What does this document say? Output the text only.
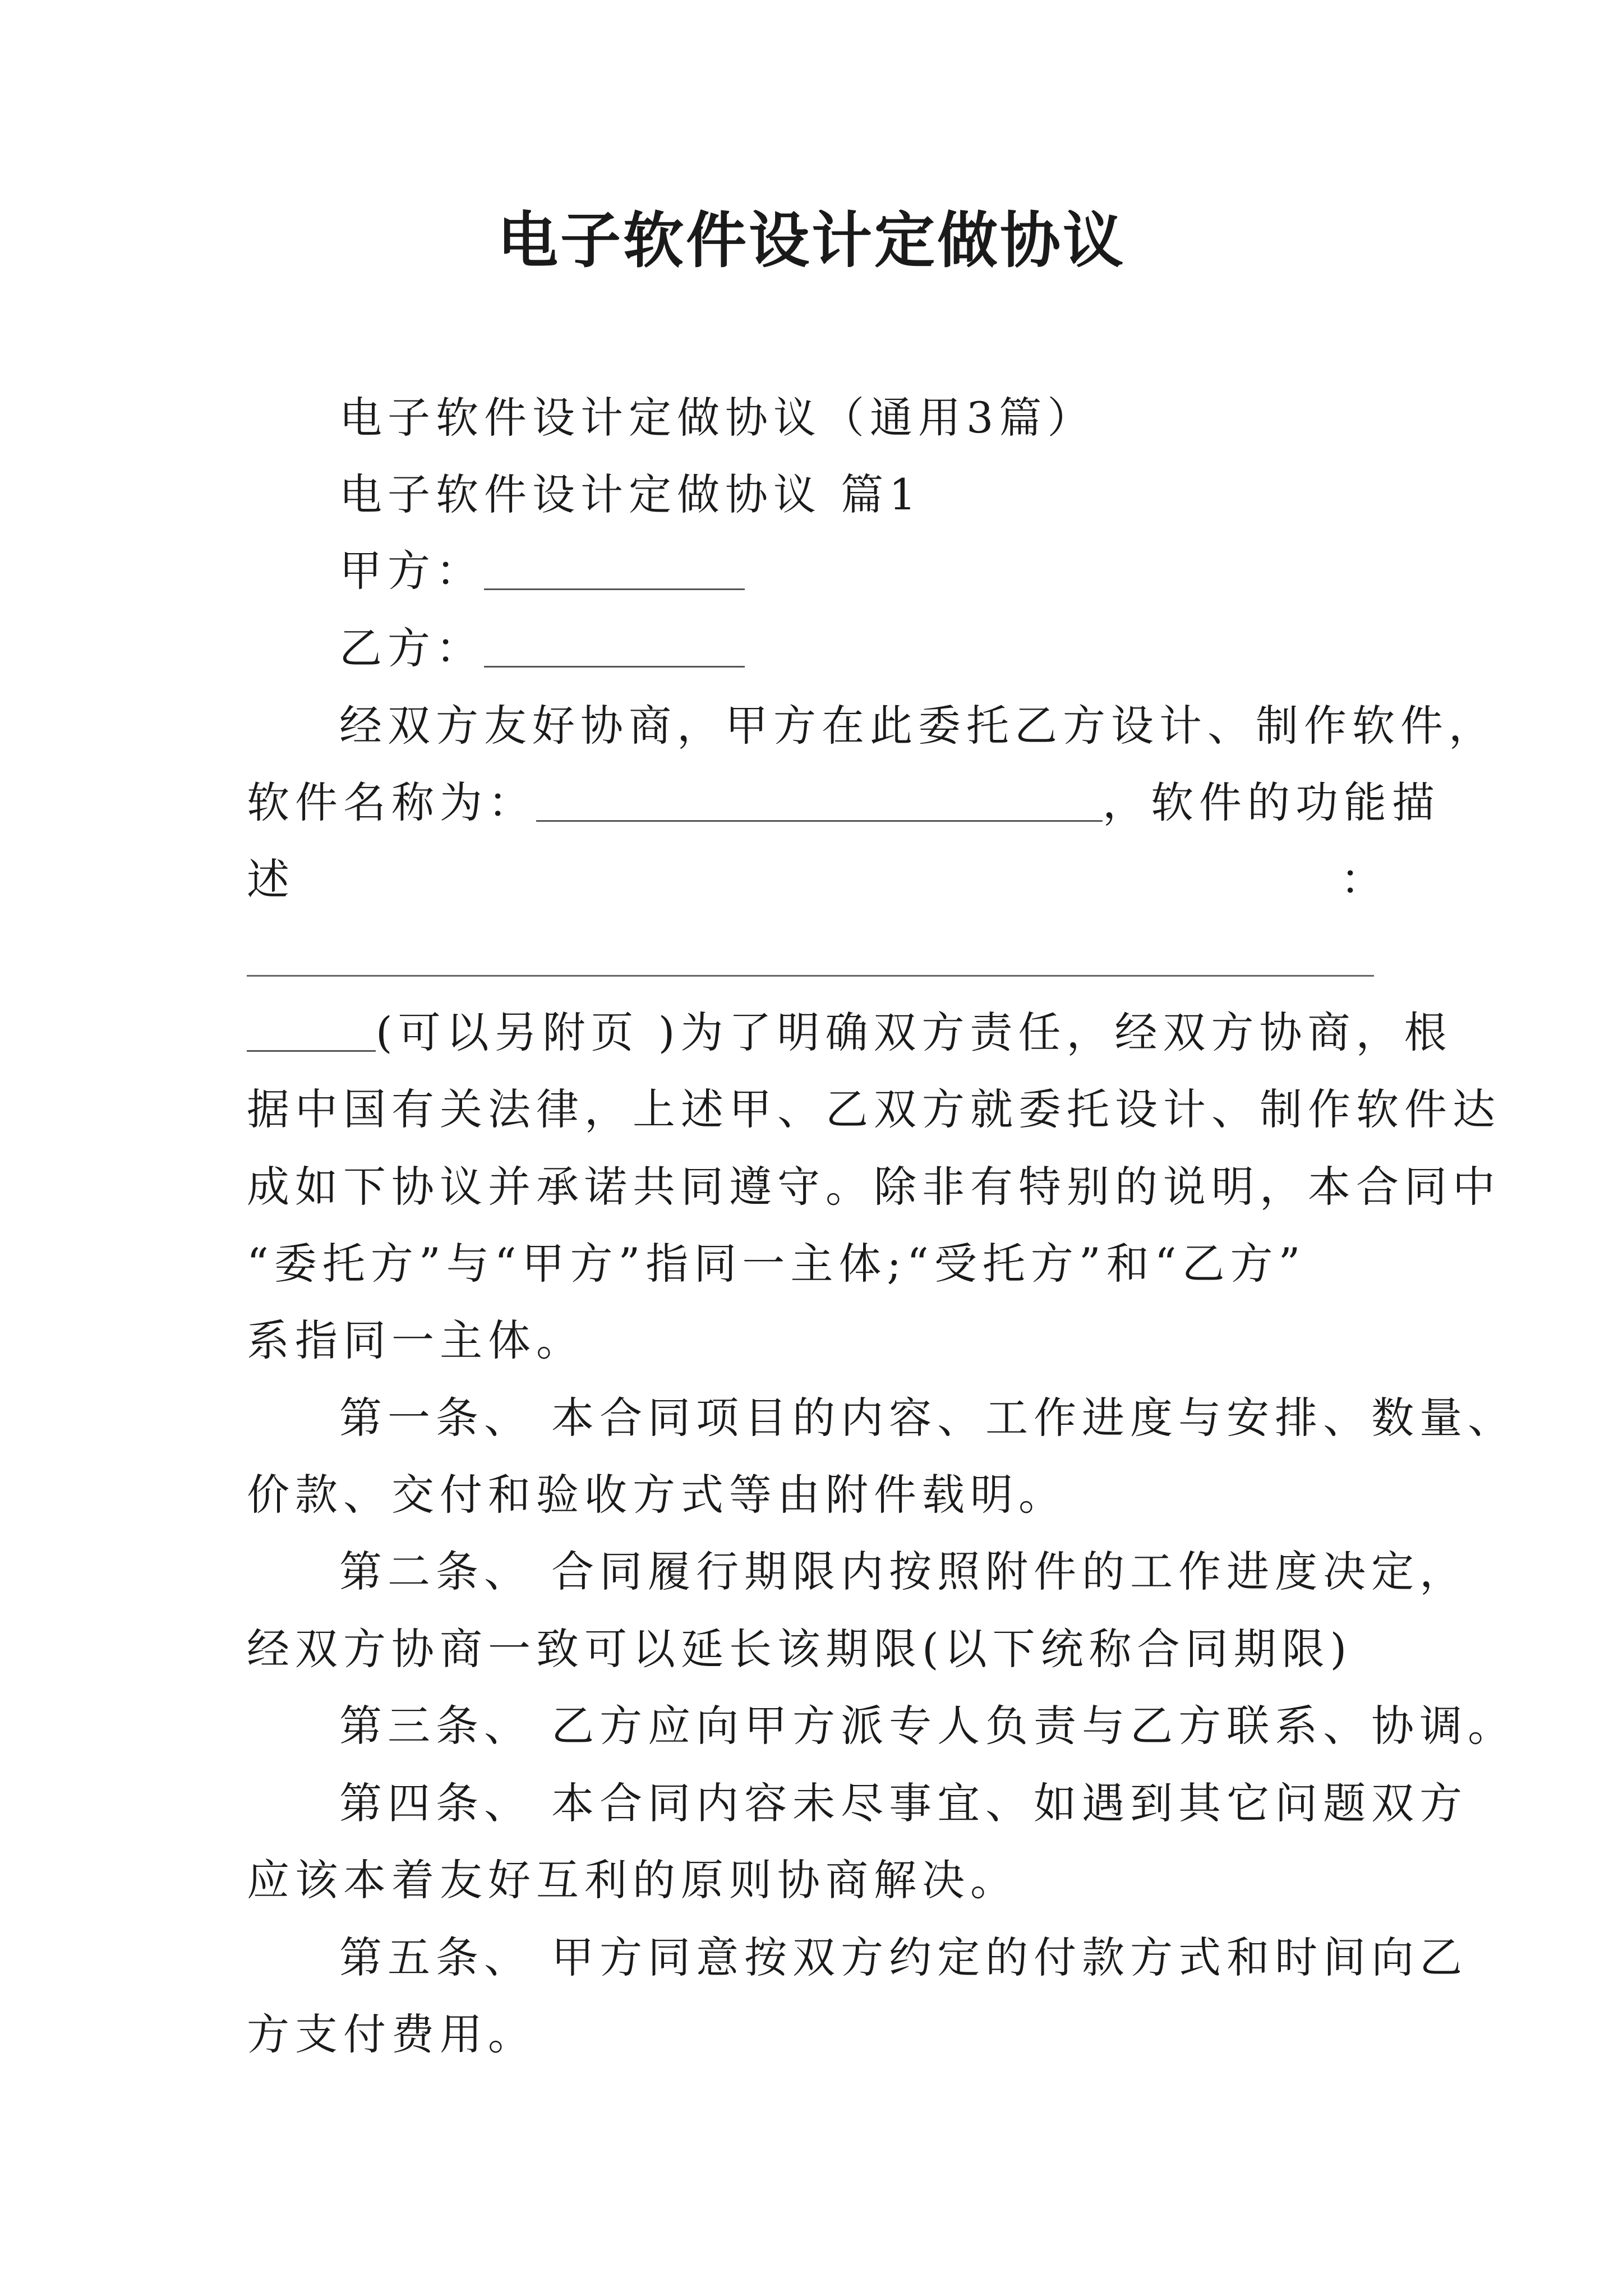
电子软件设计定做协议
电子软件设计定做协议（通用3篇）
电子软件设计定做协议 篇1
甲方：
乙方：
经双方友好协商，甲方在此委托乙方设计、制作软件，
软件名称为：	，软件的功能描
述	：
(可以另附页 )为了明确双方责任，经双方协商，根
据中国有关法律，上述甲、乙双方就委托设计、制作软件达
成如下协议并承诺共同遵守。除非有特别的说明，本合同中
“委托方”与“甲方”指同一主体;“受托方”和“乙方”
系指同一主体。
第一条、 本合同项目的内容、工作进度与安排、数量、
价款、交付和验收方式等由附件载明。
第二条、 合同履行期限内按照附件的工作进度决定，
经双方协商一致可以延长该期限(以下统称合同期限)
第三条、 乙方应向甲方派专人负责与乙方联系、协调。
第四条、 本合同内容未尽事宜、如遇到其它问题双方
应该本着友好互利的原则协商解决。
第五条、 甲方同意按双方约定的付款方式和时间向乙
方支付费用。
